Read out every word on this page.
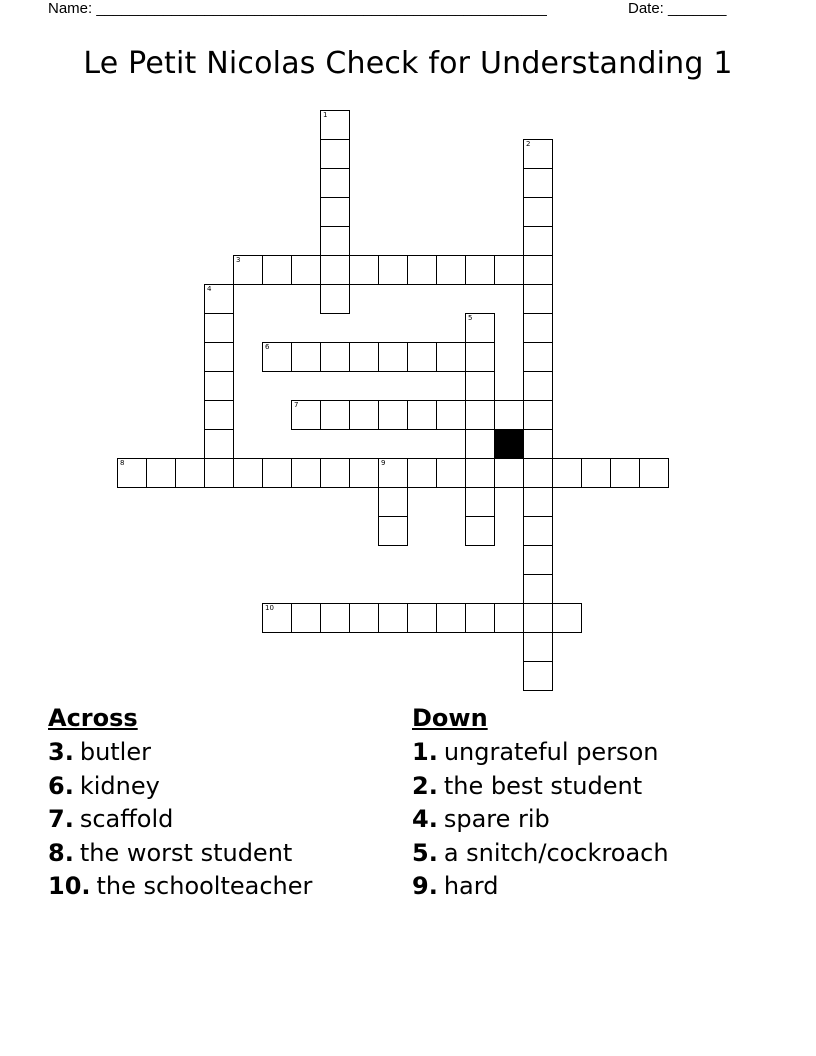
Name: ______________________________________________________	Date: _______
Le Petit Nicolas Check for Understanding 1
1
2
3
4
5
6
7
8	9
10
Across
3. butler
6. kidney
7. scaffold
8. the worst student
10. the schoolteacher
Down
1. ungrateful person
2. the best student
4. spare rib
5. a snitch/cockroach
9. hard
